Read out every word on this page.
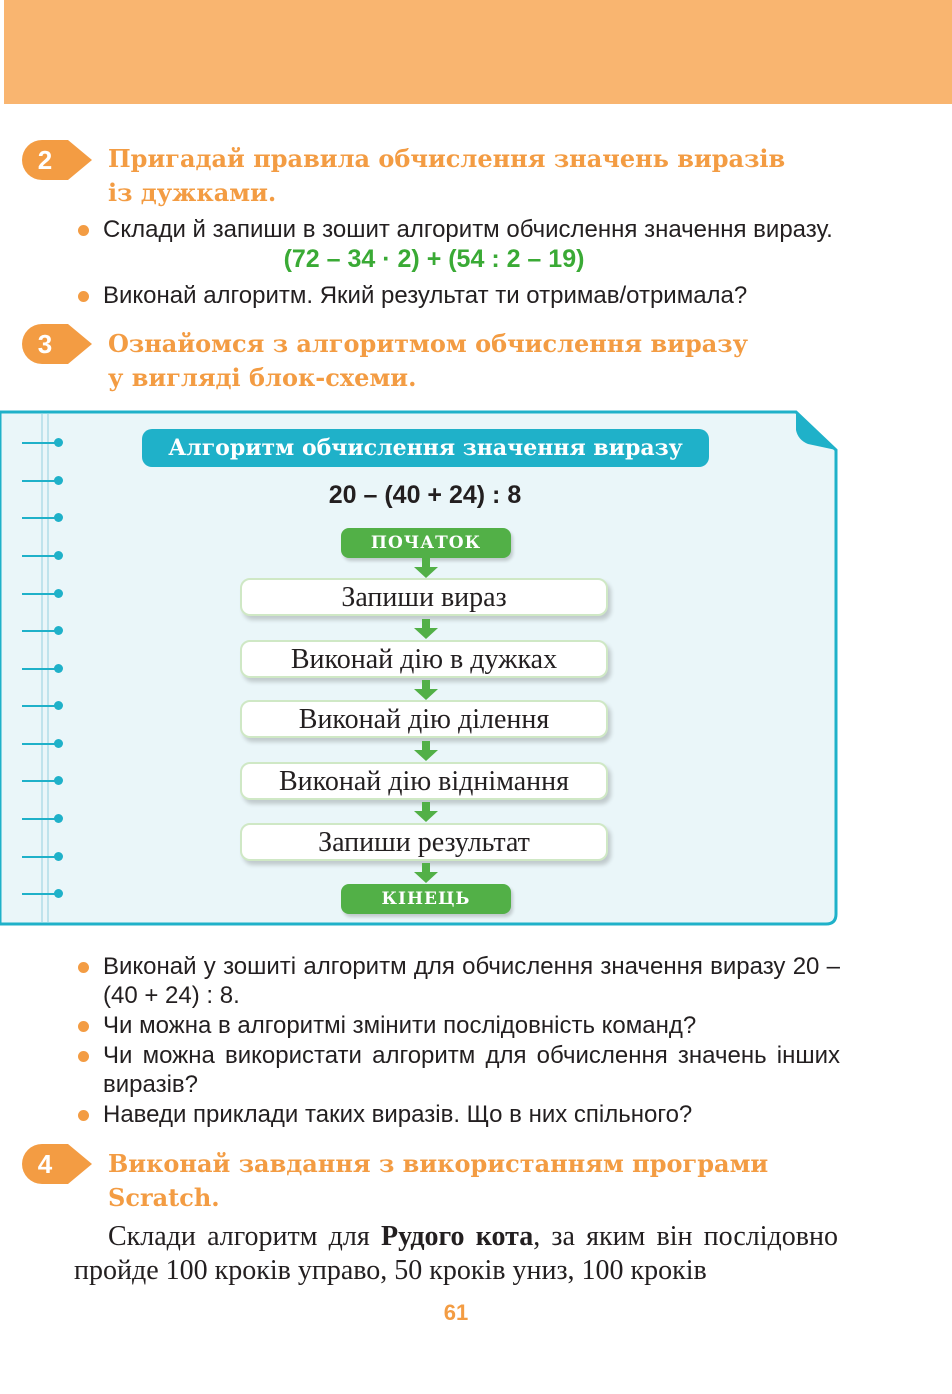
2	Пригадай правила обчислення значень виразів
із дужками.
Склади й запиши в зошит алгоритм обчислення значення виразу.
(72 – 34 · 2) + (54 : 2 – 19)
Виконай алгоритм. Який результат ти отримав/отримала?
3	Ознайомся з алгоритмом обчислення виразу
у вигляді блок-схеми.
Алгоритм обчислення значення виразу
20 – (40 + 24) : 8
ПОЧАТОК
Запиши вираз
Виконай дію в дужках
Виконай дію ділення
Виконай дію віднімання
Запиши результат
КІНЕЦЬ
Виконай у зошиті алгоритм для обчислення значення виразу 20 – (40 + 24) : 8.
Чи можна в алгоритмі змінити послідовність команд?
Чи можна використати алгоритм для обчислення значень інших виразів?
Наведи приклади таких виразів. Що в них спільного?
4	Виконай завдання з використанням програми
Scratch.
Склади алгоритм для Рудого кота, за яким він послідовно пройде 100 кроків управо, 50 кроків униз, 100 кроків
61
